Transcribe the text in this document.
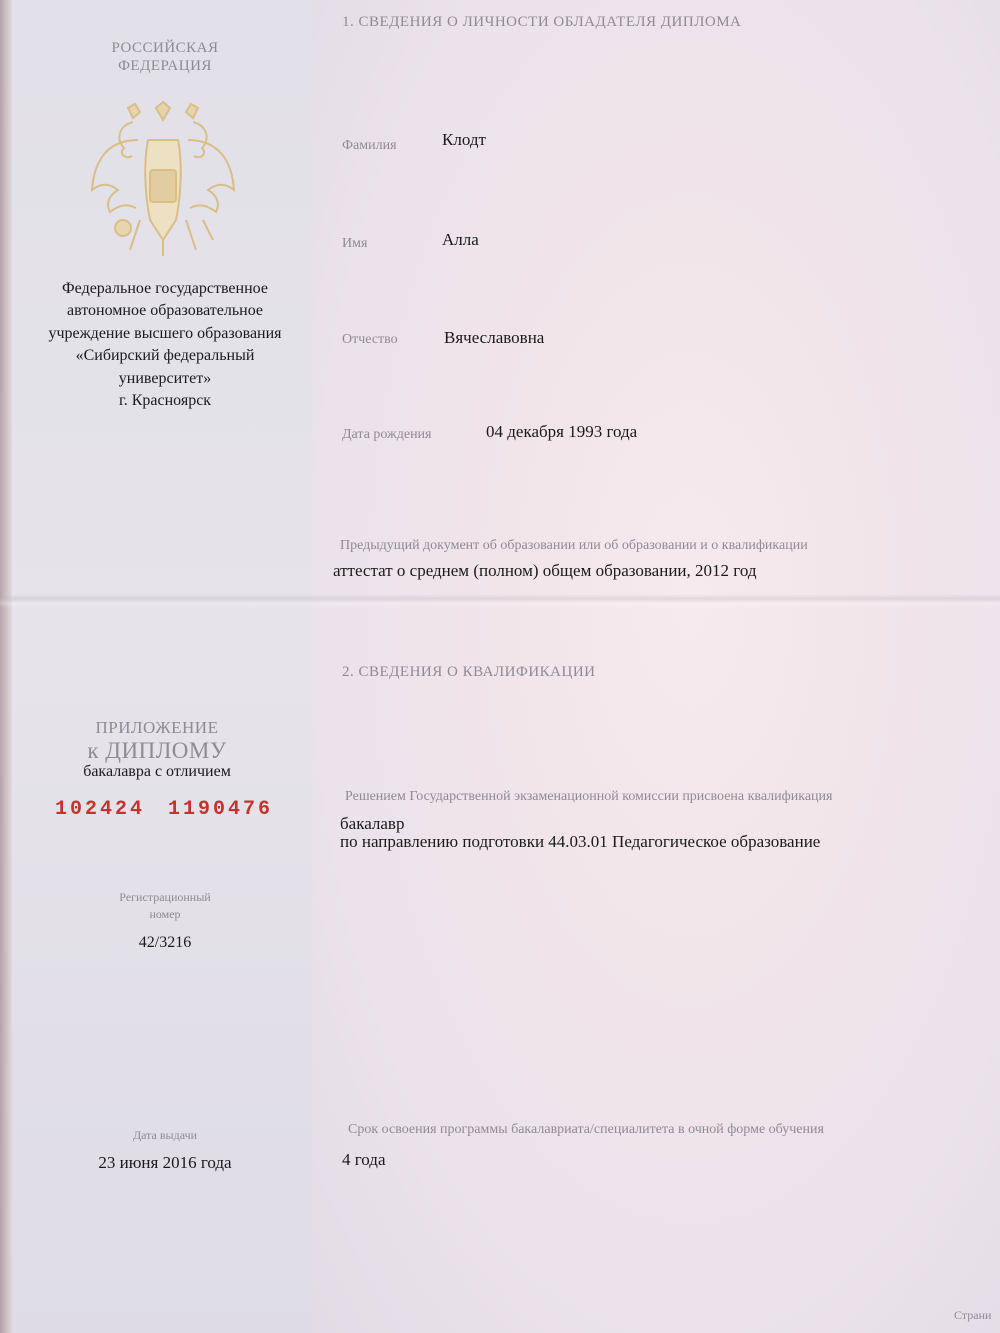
РОССИЙСКАЯ
ФЕДЕРАЦИЯ
Федеральное государственное
автономное образовательное
учреждение высшего образования
«Сибирский федеральный
университет»
г. Красноярск
ПРИЛОЖЕНИЕ
к ДИПЛОМУ
бакалавра с отличием
102424 1190476
Регистрационный
номер
42/3216
Дата выдачи
23 июня 2016 года
1. СВЕДЕНИЯ О ЛИЧНОСТИ ОБЛАДАТЕЛЯ ДИПЛОМА
Фамилия	Клодт
Имя	Алла
Отчество	Вячеславовна
Дата рождения	04 декабря 1993 года
Предыдущий документ об образовании или об образовании и о квалификации
аттестат о среднем (полном) общем образовании, 2012 год
2. СВЕДЕНИЯ О КВАЛИФИКАЦИИ
Решением Государственной экзаменационной комиссии присвоена квалификация
бакалавр
по направлению подготовки 44.03.01 Педагогическое образование
Срок освоения программы бакалавриата/специалитета в очной форме обучения
4 года
Страни
